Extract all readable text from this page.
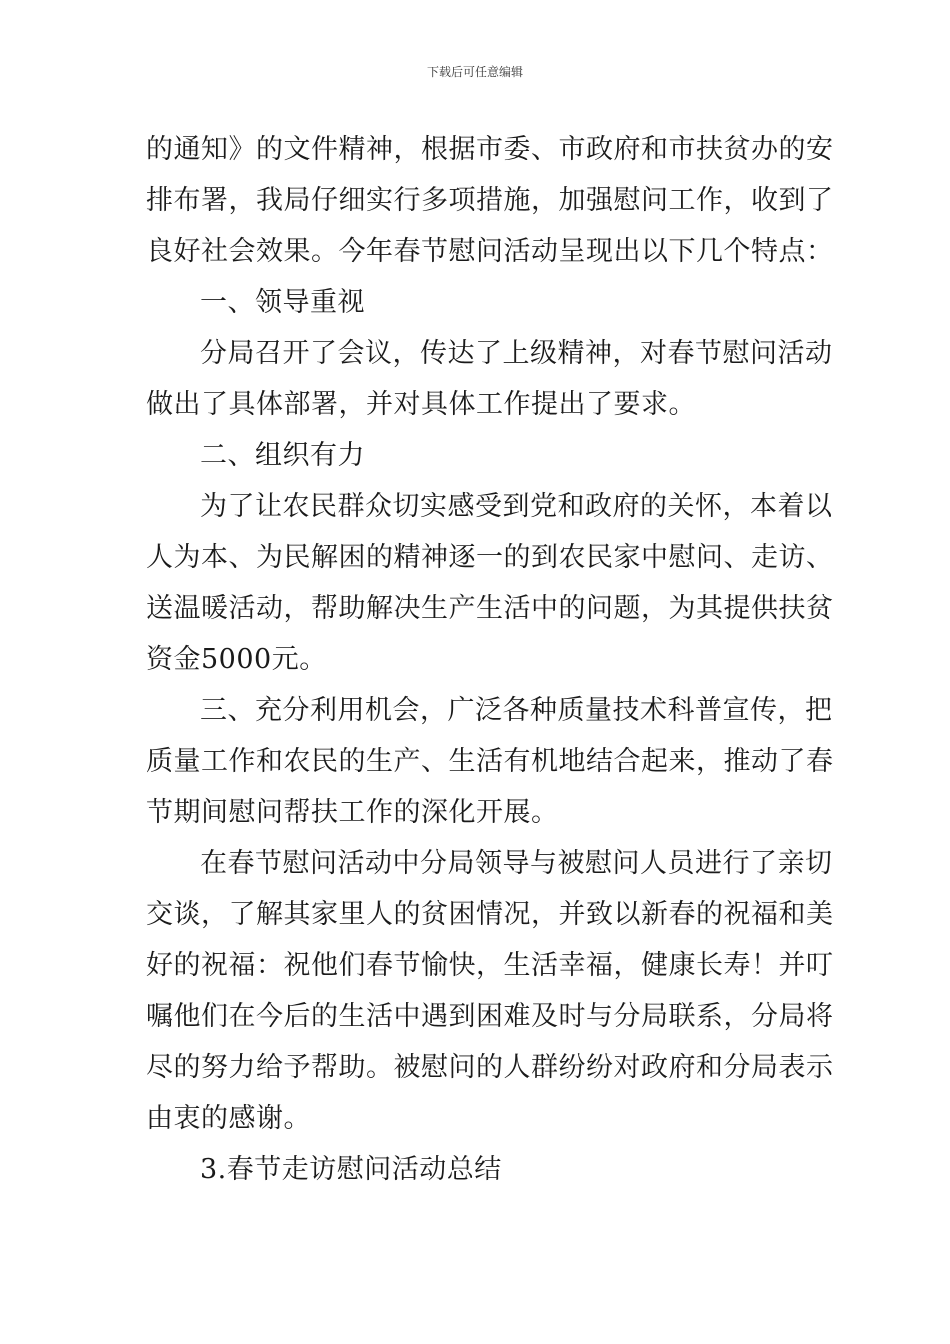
下载后可任意编辑
的通知》的文件精神，根据市委、市政府和市扶贫办的安
排布署，我局仔细实行多项措施，加强慰问工作，收到了
良好社会效果。今年春节慰问活动呈现出以下几个特点：
一、领导重视
分局召开了会议，传达了上级精神，对春节慰问活动
做出了具体部署，并对具体工作提出了要求。
二、组织有力
为了让农民群众切实感受到党和政府的关怀，本着以
人为本、为民解困的精神逐一的到农民家中慰问、走访、
送温暖活动，帮助解决生产生活中的问题，为其提供扶贫
资金5000元。
三、充分利用机会，广泛各种质量技术科普宣传，把
质量工作和农民的生产、生活有机地结合起来，推动了春
节期间慰问帮扶工作的深化开展。
在春节慰问活动中分局领导与被慰问人员进行了亲切
交谈，了解其家里人的贫困情况，并致以新春的祝福和美
好的祝福：祝他们春节愉快，生活幸福，健康长寿！并叮
嘱他们在今后的生活中遇到困难及时与分局联系，分局将
尽的努力给予帮助。被慰问的人群纷纷对政府和分局表示
由衷的感谢。
3.春节走访慰问活动总结
